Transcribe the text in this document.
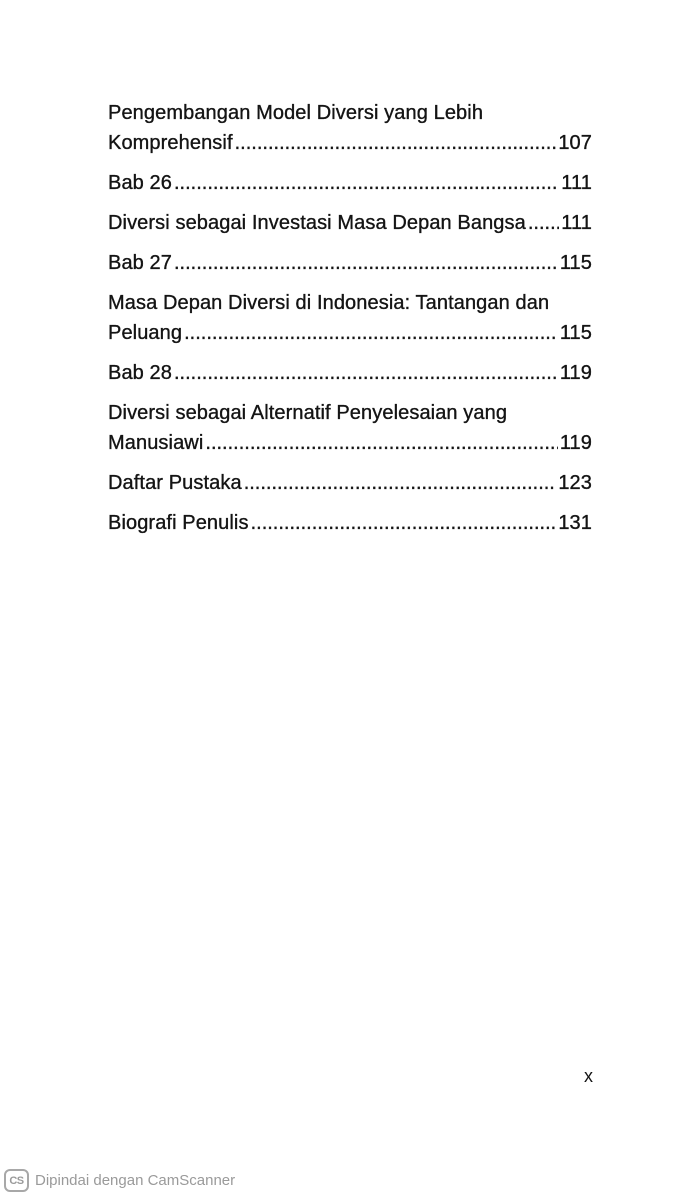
Pengembangan Model Diversi yang Lebih
Komprehensif .....	107
Bab 26 .....	111
Diversi sebagai Investasi Masa Depan Bangsa ..... 111
Bab 27 .....	115
Masa Depan Diversi di Indonesia: Tantangan dan
Peluang .....	115
Bab 28 .....	119
Diversi sebagai Alternatif Penyelesaian yang
Manusiawi .....	119
Daftar Pustaka .....	123
Biografi Penulis .....	131
x
CS Dipindai dengan CamScanner
